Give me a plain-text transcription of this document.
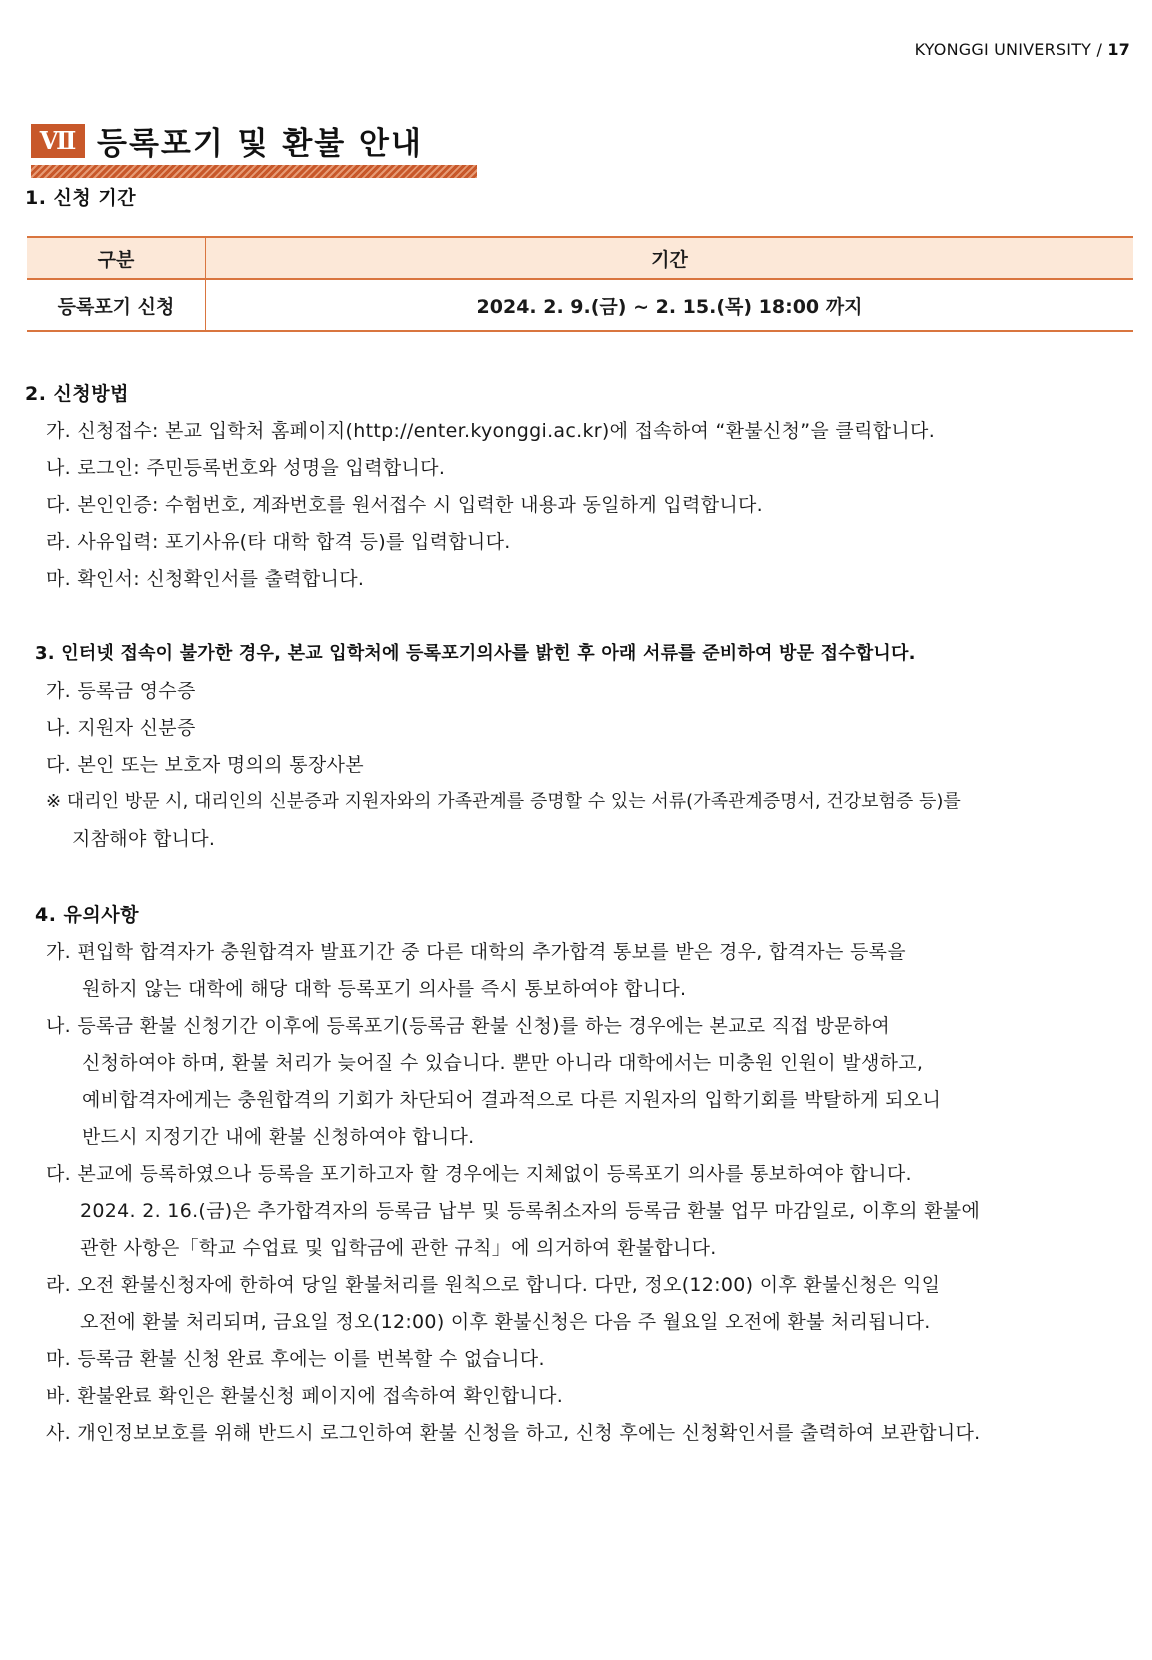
KYONGGI UNIVERSITY / 17
Ⅶ 등록포기 및 환불 안내
1. 신청 기간
구분	기간
등록포기 신청	2024. 2. 9.(금) ~ 2. 15.(목) 18:00 까지
2. 신청방법
가. 신청접수: 본교 입학처 홈페이지(http://enter.kyonggi.ac.kr)에 접속하여 “환불신청”을 클릭합니다.
나. 로그인: 주민등록번호와 성명을 입력합니다.
다. 본인인증: 수험번호, 계좌번호를 원서접수 시 입력한 내용과 동일하게 입력합니다.
라. 사유입력: 포기사유(타 대학 합격 등)를 입력합니다.
마. 확인서: 신청확인서를 출력합니다.
3. 인터넷 접속이 불가한 경우, 본교 입학처에 등록포기의사를 밝힌 후 아래 서류를 준비하여 방문 접수합니다.
가. 등록금 영수증
나. 지원자 신분증
다. 본인 또는 보호자 명의의 통장사본
※ 대리인 방문 시, 대리인의 신분증과 지원자와의 가족관계를 증명할 수 있는 서류(가족관계증명서, 건강보험증 등)를
지참해야 합니다.
4. 유의사항
가. 편입학 합격자가 충원합격자 발표기간 중 다른 대학의 추가합격 통보를 받은 경우, 합격자는 등록을
원하지 않는 대학에 해당 대학 등록포기 의사를 즉시 통보하여야 합니다.
나. 등록금 환불 신청기간 이후에 등록포기(등록금 환불 신청)를 하는 경우에는 본교로 직접 방문하여
신청하여야 하며, 환불 처리가 늦어질 수 있습니다. 뿐만 아니라 대학에서는 미충원 인원이 발생하고,
예비합격자에게는 충원합격의 기회가 차단되어 결과적으로 다른 지원자의 입학기회를 박탈하게 되오니
반드시 지정기간 내에 환불 신청하여야 합니다.
다. 본교에 등록하였으나 등록을 포기하고자 할 경우에는 지체없이 등록포기 의사를 통보하여야 합니다.
2024. 2. 16.(금)은 추가합격자의 등록금 납부 및 등록취소자의 등록금 환불 업무 마감일로, 이후의 환불에
관한 사항은「학교 수업료 및 입학금에 관한 규칙」에 의거하여 환불합니다.
라. 오전 환불신청자에 한하여 당일 환불처리를 원칙으로 합니다. 다만, 정오(12:00) 이후 환불신청은 익일
오전에 환불 처리되며, 금요일 정오(12:00) 이후 환불신청은 다음 주 월요일 오전에 환불 처리됩니다.
마. 등록금 환불 신청 완료 후에는 이를 번복할 수 없습니다.
바. 환불완료 확인은 환불신청 페이지에 접속하여 확인합니다.
사. 개인정보보호를 위해 반드시 로그인하여 환불 신청을 하고, 신청 후에는 신청확인서를 출력하여 보관합니다.
